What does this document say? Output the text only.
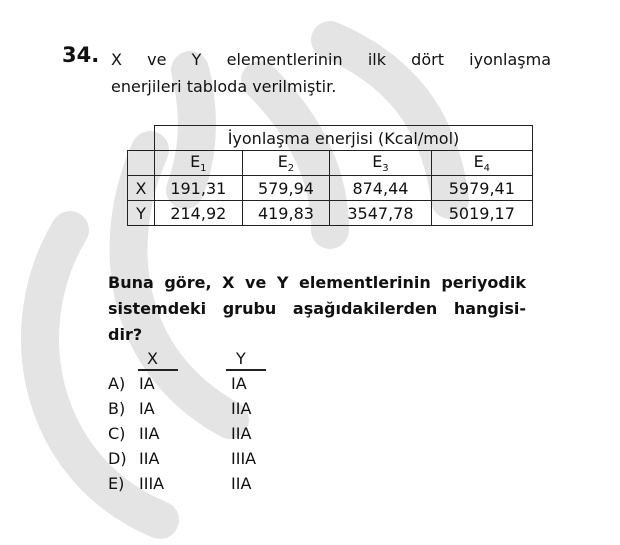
34. X ve Y elementlerinin ilk dört iyonlaşma
enerjileri tabloda verilmiştir.
	İyonlaşma enerjisi (Kcal/mol)			
	$E_1$	$E_2$	$E_3$	$E_4$
X	191,31	579,94	874,44	5979,41
Y	214,92	419,83	3547,78	5019,17
Buna göre, X ve Y elementlerinin periyodik
sistemdeki grubu aşağıdakilerden hangisi-
dir?
X	Y
A) IA	IA
B) IA	IIA
C) IIA	IIA
D) IIA	IIIA
E) IIIA	IIA
